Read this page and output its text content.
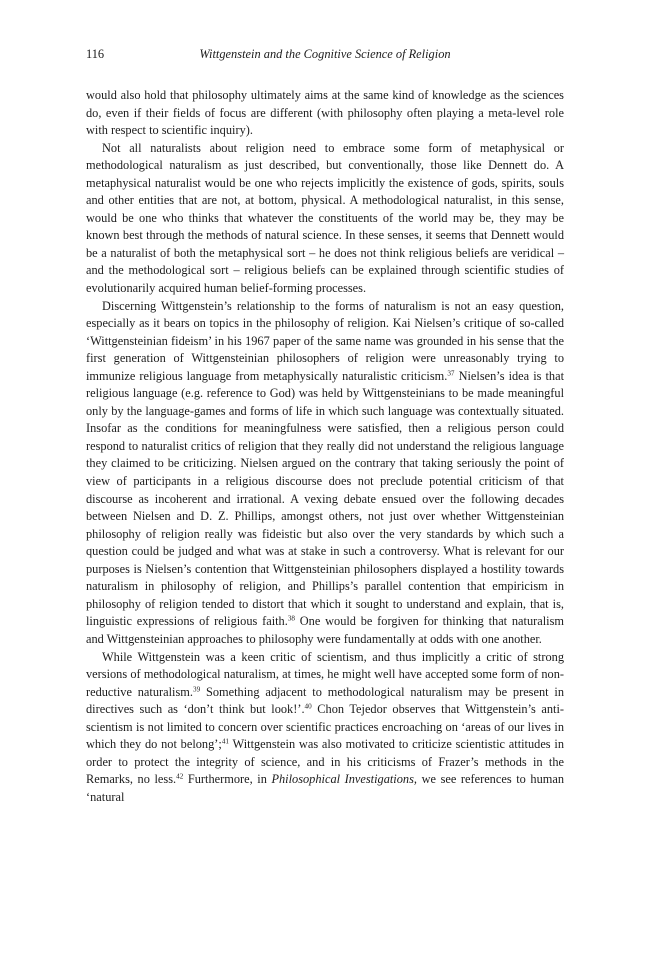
116	Wittgenstein and the Cognitive Science of Religion

would also hold that philosophy ultimately aims at the same kind of knowledge as the sciences do, even if their fields of focus are different (with philosophy often playing a meta-level role with respect to scientific inquiry).

Not all naturalists about religion need to embrace some form of metaphysical or methodological naturalism as just described, but conventionally, those like Dennett do. A metaphysical naturalist would be one who rejects implicitly the existence of gods, spirits, souls and other entities that are not, at bottom, physical. A methodological naturalist, in this sense, would be one who thinks that whatever the constituents of the world may be, they may be known best through the methods of natural science. In these senses, it seems that Dennett would be a naturalist of both the metaphysical sort – he does not think religious beliefs are veridical – and the methodological sort – religious beliefs can be explained through scientific studies of evolutionarily acquired human belief-forming processes.

Discerning Wittgenstein’s relationship to the forms of naturalism is not an easy question, especially as it bears on topics in the philosophy of religion. Kai Nielsen’s critique of so-called ‘Wittgensteinian fideism’ in his 1967 paper of the same name was grounded in his sense that the first generation of Wittgensteinian philosophers of religion were unreasonably trying to immunize religious language from metaphysically naturalistic criticism.$^{37}$ Nielsen’s idea is that religious language (e.g. reference to God) was held by Wittgensteinians to be made meaningful only by the language-games and forms of life in which such language was contextually situated. Insofar as the conditions for meaningfulness were satisfied, then a religious person could respond to naturalist critics of religion that they really did not understand the religious language they claimed to be criticizing. Nielsen argued on the contrary that taking seriously the point of view of participants in a religious discourse does not preclude potential criticism of that discourse as incoherent and irrational. A vexing debate ensued over the following decades between Nielsen and D. Z. Phillips, amongst others, not just over whether Wittgensteinian philosophy of religion really was fideistic but also over the very standards by which such a question could be judged and what was at stake in such a controversy. What is relevant for our purposes is Nielsen’s contention that Wittgensteinian philosophers displayed a hostility towards naturalism in philosophy of religion, and Phillips’s parallel contention that empiricism in philosophy of religion tended to distort that which it sought to understand and explain, that is, linguistic expressions of religious faith.$^{38}$ One would be forgiven for thinking that naturalism and Wittgensteinian approaches to philosophy were fundamentally at odds with one another.

While Wittgenstein was a keen critic of scientism, and thus implicitly a critic of strong versions of methodological naturalism, at times, he might well have accepted some form of non-reductive naturalism.$^{39}$ Something adjacent to methodological naturalism may be present in directives such as ‘don’t think but look!’.$^{40}$ Chon Tejedor observes that Wittgenstein’s anti-scientism is not limited to concern over scientific practices encroaching on ‘areas of our lives in which they do not belong’;$^{41}$ Wittgenstein was also motivated to criticize scientistic attitudes in order to protect the integrity of science, and in his criticisms of Frazer’s methods in the Remarks, no less.$^{42}$ Furthermore, in Philosophical Investigations, we see references to human ‘natural
